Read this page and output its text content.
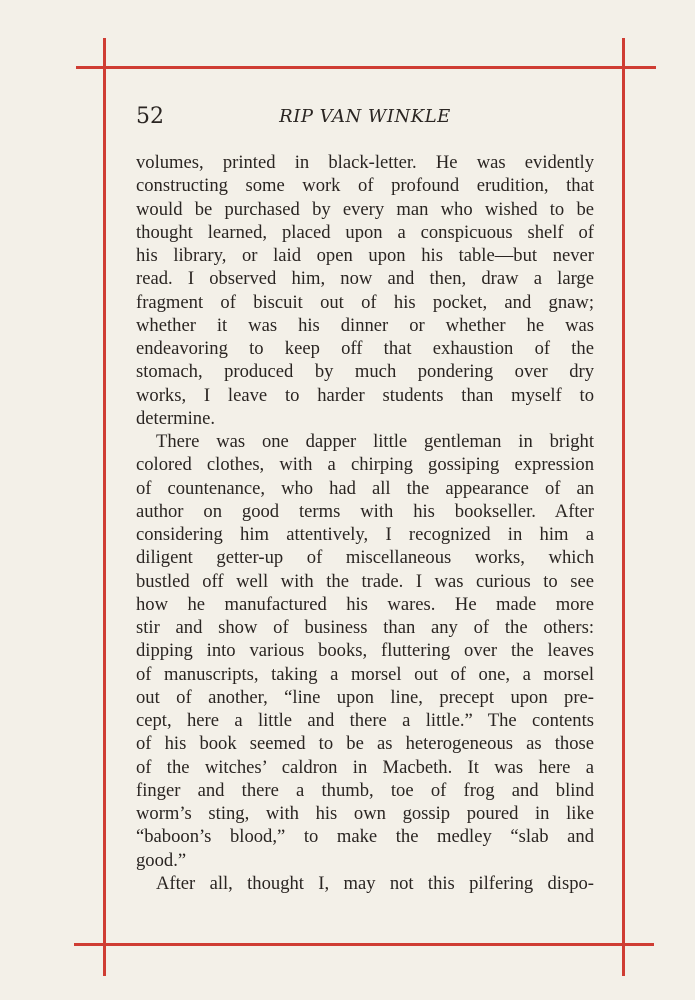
52	RIP VAN WINKLE
volumes, printed in black-letter. He was evidently
constructing some work of profound erudition, that
would be purchased by every man who wished to be
thought learned, placed upon a conspicuous shelf of
his library, or laid open upon his table—but never
read. I observed him, now and then, draw a large
fragment of biscuit out of his pocket, and gnaw;
whether it was his dinner or whether he was
endeavoring to keep off that exhaustion of the
stomach, produced by much pondering over dry
works, I leave to harder students than myself to
determine.
There was one dapper little gentleman in bright
colored clothes, with a chirping gossiping expression
of countenance, who had all the appearance of an
author on good terms with his bookseller. After
considering him attentively, I recognized in him a
diligent getter-up of miscellaneous works, which
bustled off well with the trade. I was curious to see
how he manufactured his wares. He made more
stir and show of business than any of the others:
dipping into various books, fluttering over the leaves
of manuscripts, taking a morsel out of one, a morsel
out of another, “line upon line, precept upon pre-
cept, here a little and there a little.” The contents
of his book seemed to be as heterogeneous as those
of the witches’ caldron in Macbeth. It was here a
finger and there a thumb, toe of frog and blind
worm’s sting, with his own gossip poured in like
“baboon’s blood,” to make the medley “slab and
good.”
After all, thought I, may not this pilfering dispo-
